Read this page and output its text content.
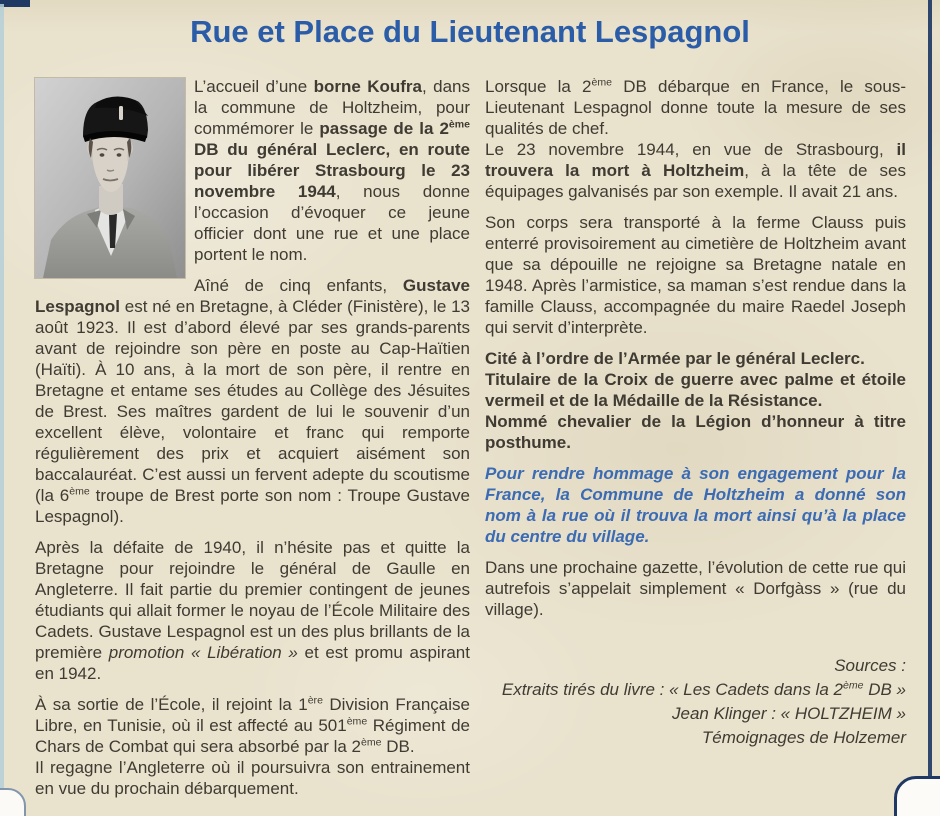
Rue et Place du Lieutenant Lespagnol

L’accueil d’une borne Koufra, dans la commune de Holtzheim, pour commémorer le passage de la 2ème DB du général Leclerc, en route pour libérer Strasbourg le 23 novembre 1944, nous donne l’occasion d’évoquer ce jeune officier dont une rue et une place portent le nom.

Aîné de cinq enfants, Gustave Lespagnol est né en Bretagne, à Cléder (Finistère), le 13 août 1923. Il est d’abord élevé par ses grands-parents avant de rejoindre son père en poste au Cap-Haïtien (Haïti). À 10 ans, à la mort de son père, il rentre en Bretagne et entame ses études au Collège des Jésuites de Brest. Ses maîtres gardent de lui le souvenir d’un excellent élève, volontaire et franc qui remporte régulièrement des prix et acquiert aisément son baccalauréat. C’est aussi un fervent adepte du scoutisme (la 6ème troupe de Brest porte son nom : Troupe Gustave Lespagnol).

Après la défaite de 1940, il n’hésite pas et quitte la Bretagne pour rejoindre le général de Gaulle en Angleterre. Il fait partie du premier contingent de jeunes étudiants qui allait former le noyau de l’École Militaire des Cadets. Gustave Lespagnol est un des plus brillants de la première promotion « Libération » et est promu aspirant en 1942.

À sa sortie de l’École, il rejoint la 1ère Division Française Libre, en Tunisie, où il est affecté au 501ème Régiment de Chars de Combat qui sera absorbé par la 2ème DB.
Il regagne l’Angleterre où il poursuivra son entrainement en vue du prochain débarquement.

Lorsque la 2ème DB débarque en France, le sous-Lieutenant Lespagnol donne toute la mesure de ses qualités de chef.
Le 23 novembre 1944, en vue de Strasbourg, il trouvera la mort à Holtzheim, à la tête de ses équipages galvanisés par son exemple. Il avait 21 ans.

Son corps sera transporté à la ferme Clauss puis enterré provisoirement au cimetière de Holtzheim avant que sa dépouille ne rejoigne sa Bretagne natale en 1948. Après l’armistice, sa maman s’est rendue dans la famille Clauss, accompagnée du maire Raedel Joseph qui servit d’interprète.

Cité à l’ordre de l’Armée par le général Leclerc.
Titulaire de la Croix de guerre avec palme et étoile vermeil et de la Médaille de la Résistance.
Nommé chevalier de la Légion d’honneur à titre posthume.

Pour rendre hommage à son engagement pour la France, la Commune de Holtzheim a donné son nom à la rue où il trouva la mort ainsi qu’à la place du centre du village.

Dans une prochaine gazette, l’évolution de cette rue qui autrefois s’appelait simplement « Dorfgàss » (rue du village).

Sources :
Extraits tirés du livre : « Les Cadets dans la 2ème DB »
Jean Klinger : « HOLTZHEIM »
Témoignages de Holzemer
